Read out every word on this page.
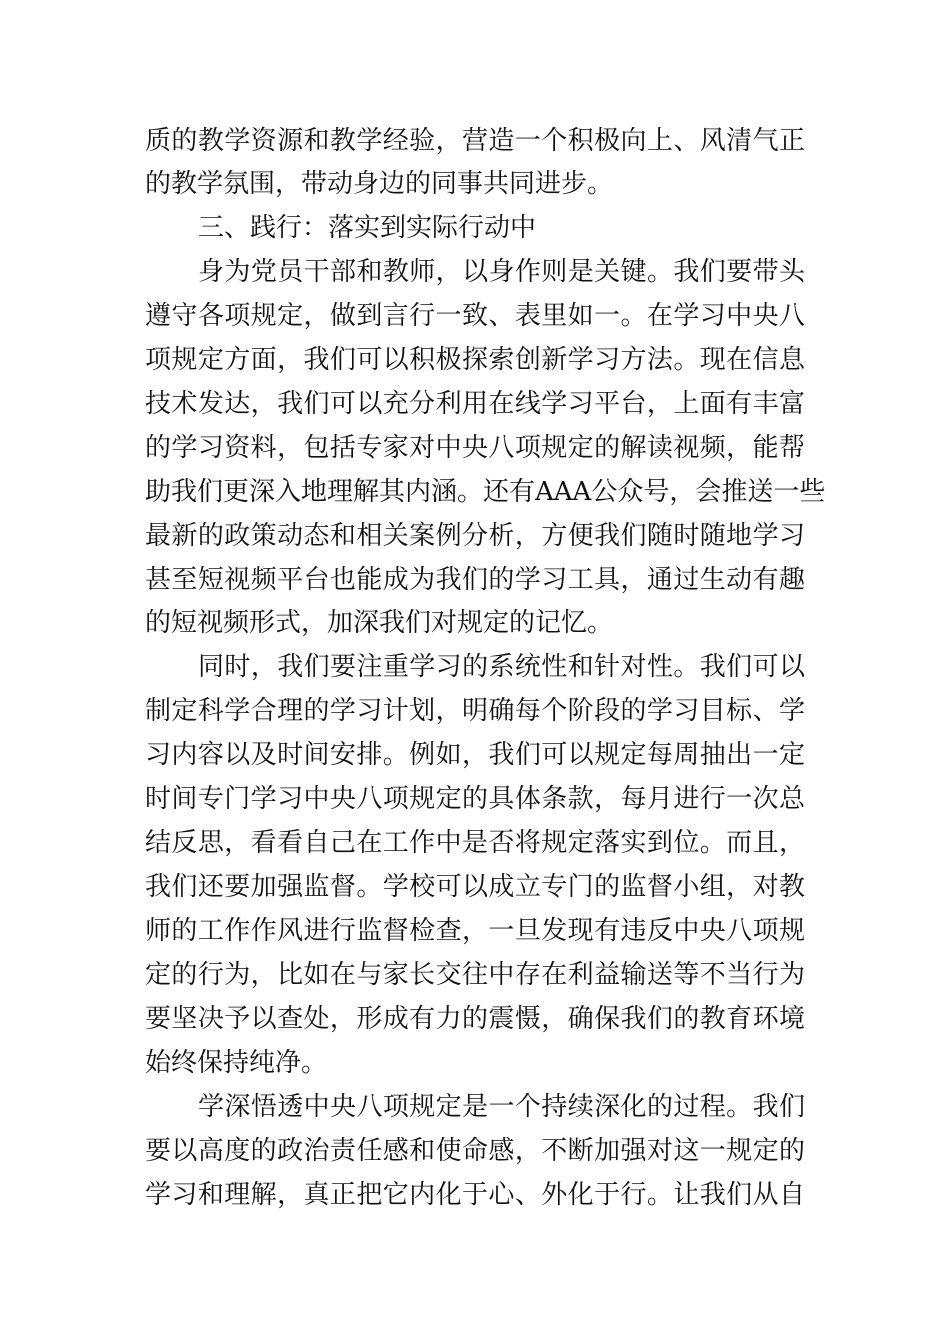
质的教学资源和教学经验，营造一个积极向上、风清气正
的教学氛围，带动身边的同事共同进步。
三、践行：落实到实际行动中
身为党员干部和教师，以身作则是关键。我们要带头
遵守各项规定，做到言行一致、表里如一。在学习中央八
项规定方面，我们可以积极探索创新学习方法。现在信息
技术发达，我们可以充分利用在线学习平台，上面有丰富
的学习资料，包括专家对中央八项规定的解读视频，能帮
助我们更深入地理解其内涵。还有AAA公众号，会推送一些
最新的政策动态和相关案例分析，方便我们随时随地学习
甚至短视频平台也能成为我们的学习工具，通过生动有趣
的短视频形式，加深我们对规定的记忆。
同时，我们要注重学习的系统性和针对性。我们可以
制定科学合理的学习计划，明确每个阶段的学习目标、学
习内容以及时间安排。例如，我们可以规定每周抽出一定
时间专门学习中央八项规定的具体条款，每月进行一次总
结反思，看看自己在工作中是否将规定落实到位。而且，
我们还要加强监督。学校可以成立专门的监督小组，对教
师的工作作风进行监督检查，一旦发现有违反中央八项规
定的行为，比如在与家长交往中存在利益输送等不当行为
要坚决予以查处，形成有力的震慑，确保我们的教育环境
始终保持纯净。
学深悟透中央八项规定是一个持续深化的过程。我们
要以高度的政治责任感和使命感，不断加强对这一规定的
学习和理解，真正把它内化于心、外化于行。让我们从自
